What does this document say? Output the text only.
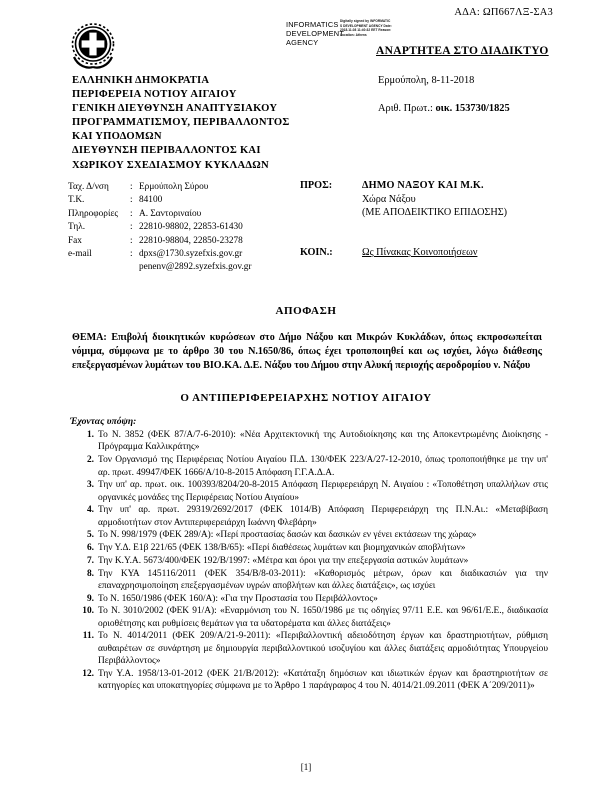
ΑΔΑ: ΩΠ667ΛΞ-ΣΑ3
INFORMATICS DEVELOPMENT AGENCY
Digitally signed by INFORMATICS DEVELOPMENT AGENCY Date: 2018.11.08 11:40:32 EET Reason: Location: Athens
ΑΝΑΡΤΗΤΕΑ ΣΤΟ ΔΙΑΔΙΚΤΥΟ
ΕΛΛΗΝΙΚΗ ΔΗΜΟΚΡΑΤΙΑ
ΠΕΡΙΦΕΡΕΙΑ ΝΟΤΙΟΥ ΑΙΓΑΙΟΥ
ΓΕΝΙΚΗ ΔΙΕΥΘΥΝΣΗ ΑΝΑΠΤΥΞΙΑΚΟΥ
ΠΡΟΓΡΑΜΜΑΤΙΣΜΟΥ, ΠΕΡΙΒΑΛΛΟΝΤΟΣ
ΚΑΙ ΥΠΟΔΟΜΩΝ
ΔΙΕΥΘΥΝΣΗ ΠΕΡΙΒΑΛΛΟΝΤΟΣ ΚΑΙ
ΧΩΡΙΚΟΥ ΣΧΕΔΙΑΣΜΟΥ ΚΥΚΛΑΔΩΝ
Ερμούπολη, 8-11-2018
Αριθ. Πρωτ.: οικ. 153730/1825
Ταχ. Δ/νση	:	Ερμούπολη Σύρου
Τ.Κ.	:	84100
Πληροφορίες	:	Α. Σαντοριναίου
Τηλ.	:	22810-98802, 22853-61430
Fax	:	22810-98804, 22850-23278
e-mail	:	dpxs@1730.syzefxis.gov.gr
		penenv@2892.syzefxis.gov.gr
ΠΡΟΣ:	ΔΗΜΟ ΝΑΞΟΥ ΚΑΙ Μ.Κ.
Χώρα Νάξου
(ΜΕ ΑΠΟΔΕΙΚΤΙΚΟ ΕΠΙΔΟΣΗΣ)
ΚΟΙΝ.:	Ως Πίνακας Κοινοποιήσεων
ΑΠΟΦΑΣΗ
ΘΕΜΑ: Επιβολή διοικητικών κυρώσεων στο Δήμο Νάξου και Μικρών Κυκλάδων, όπως εκπροσωπείται νόμιμα, σύμφωνα με το άρθρο 30 του Ν.1650/86, όπως έχει τροποποιηθεί και ως ισχύει, λόγω διάθεσης επεξεργασμένων λυμάτων του ΒΙΟ.ΚΑ. Δ.Ε. Νάξου του Δήμου στην Αλυκή περιοχής αεροδρομίου ν. Νάξου
Ο ΑΝΤΙΠΕΡΙΦΕΡΕΙΑΡΧΗΣ ΝΟΤΙΟΥ ΑΙΓΑΙΟΥ
Έχοντας υπόψη:
Το Ν. 3852 (ΦΕΚ 87/Α/7-6-2010): «Νέα Αρχιτεκτονική της Αυτοδιοίκησης και της Αποκεντρωμένης Διοίκησης - Πρόγραμμα Καλλικράτης»
Τον Οργανισμό της Περιφέρειας Νοτίου Αιγαίου Π.Δ. 130/ΦΕΚ 223/Α/27-12-2010, όπως τροποποιήθηκε με την υπ' αρ. πρωτ. 49947/ΦΕΚ 1666/Α/10-8-2015 Απόφαση Γ.Γ.Α.Δ.Α.
Την υπ' αρ. πρωτ. οικ. 100393/8204/20-8-2015 Απόφαση Περιφερειάρχη Ν. Αιγαίου : «Τοποθέτηση υπαλλήλων στις οργανικές μονάδες της Περιφέρειας Νοτίου Αιγαίου»
Την υπ' αρ. πρωτ. 29319/2692/2017 (ΦΕΚ 1014/Β) Απόφαση Περιφερειάρχη της Π.Ν.Αι.: «Μεταβίβαση αρμοδιοτήτων στον Αντιπεριφερειάρχη Ιωάννη Φλεβάρη»
Το Ν. 998/1979 (ΦΕΚ 289/Α): «Περί προστασίας δασών και δασικών εν γένει εκτάσεων της χώρας»
Την Υ.Δ. Ε1β 221/65 (ΦΕΚ 138/Β/65): «Περί διαθέσεως λυμάτων και βιομηχανικών αποβλήτων»
Την Κ.Υ.Α. 5673/400/ΦΕΚ 192/Β/1997: «Μέτρα και όροι για την επεξεργασία αστικών λυμάτων»
Την ΚΥΑ 145116/2011 (ΦΕΚ 354/Β/8-03-2011): «Καθορισμός μέτρων, όρων και διαδικασιών για την επαναχρησιμοποίηση επεξεργασμένων υγρών αποβλήτων και άλλες διατάξεις», ως ισχύει
Το Ν. 1650/1986 (ΦΕΚ 160/Α): «Για την Προστασία του Περιβάλλοντος»
Το Ν. 3010/2002 (ΦΕΚ 91/Α): «Εναρμόνιση του Ν. 1650/1986 με τις οδηγίες 97/11 Ε.Ε. και 96/61/Ε.Ε., διαδικασία οριοθέτησης και ρυθμίσεις θεμάτων για τα υδατορέματα και άλλες διατάξεις»
Το Ν. 4014/2011 (ΦΕΚ 209/Α/21-9-2011): «Περιβαλλοντική αδειοδότηση έργων και δραστηριοτήτων, ρύθμιση αυθαιρέτων σε συνάρτηση με δημιουργία περιβαλλοντικού ισοζυγίου και άλλες διατάξεις αρμοδιότητας Υπουργείου Περιβάλλοντος»
Την Υ.Α. 1958/13-01-2012 (ΦΕΚ 21/Β/2012): «Κατάταξη δημόσιων και ιδιωτικών έργων και δραστηριοτήτων σε κατηγορίες και υποκατηγορίες σύμφωνα με το Άρθρο 1 παράγραφος 4 του Ν. 4014/21.09.2011 (ΦΕΚ Α΄209/2011)»
[1]
